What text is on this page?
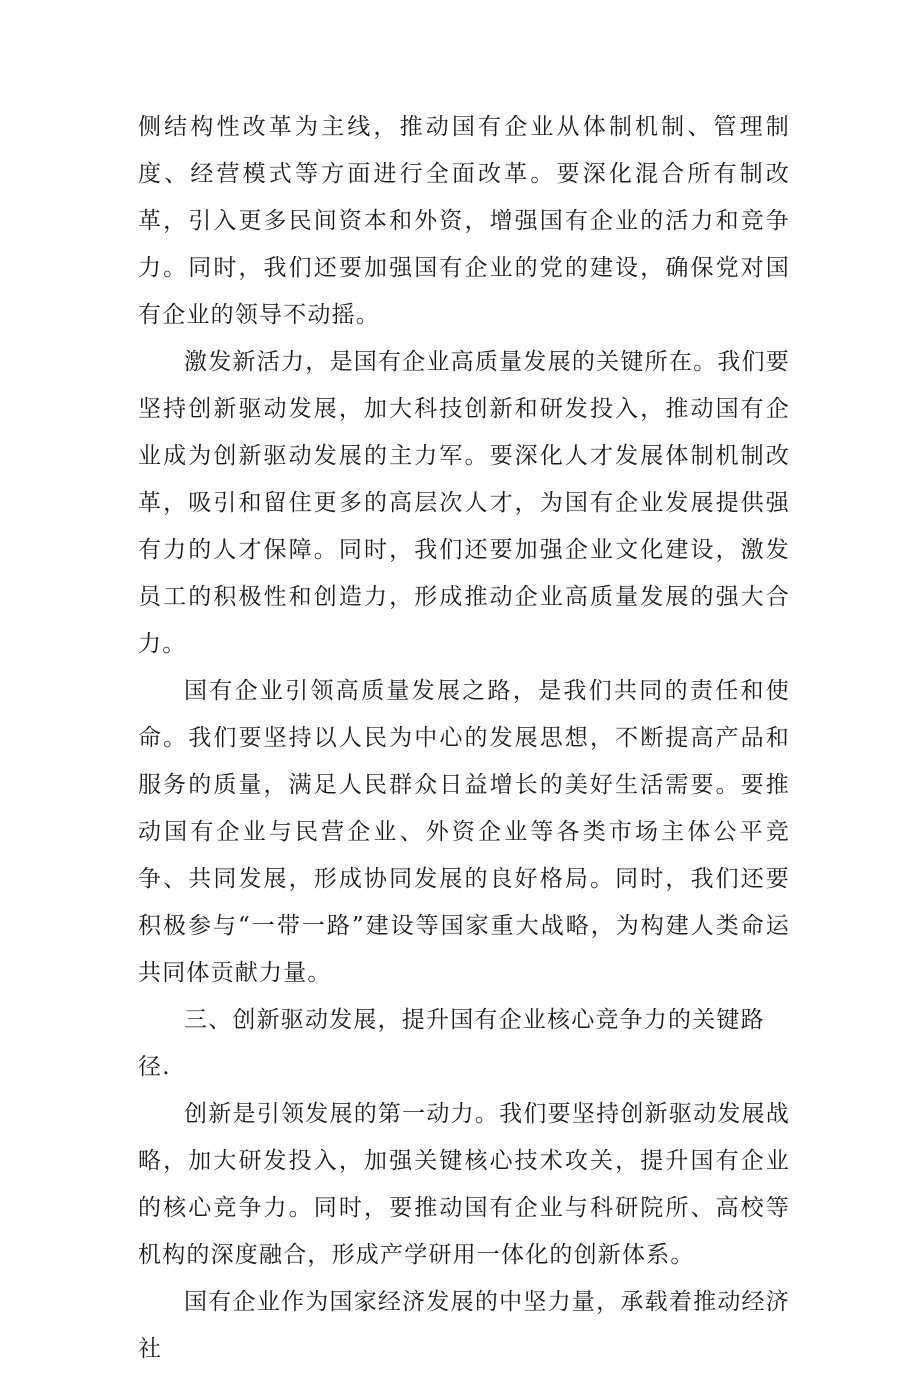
侧结构性改革为主线，推动国有企业从体制机制、管理制度、经营模式等方面进行全面改革。要深化混合所有制改革，引入更多民间资本和外资，增强国有企业的活力和竞争力。同时，我们还要加强国有企业的党的建设，确保党对国有企业的领导不动摇。

激发新活力，是国有企业高质量发展的关键所在。我们要坚持创新驱动发展，加大科技创新和研发投入，推动国有企业成为创新驱动发展的主力军。要深化人才发展体制机制改革，吸引和留住更多的高层次人才，为国有企业发展提供强有力的人才保障。同时，我们还要加强企业文化建设，激发员工的积极性和创造力，形成推动企业高质量发展的强大合力。

国有企业引领高质量发展之路，是我们共同的责任和使命。我们要坚持以人民为中心的发展思想，不断提高产品和服务的质量，满足人民群众日益增长的美好生活需要。要推动国有企业与民营企业、外资企业等各类市场主体公平竞争、共同发展，形成协同发展的良好格局。同时，我们还要积极参与“一带一路”建设等国家重大战略，为构建人类命运共同体贡献力量。

三、创新驱动发展，提升国有企业核心竞争力的关键路径.

创新是引领发展的第一动力。我们要坚持创新驱动发展战略，加大研发投入，加强关键核心技术攻关，提升国有企业的核心竞争力。同时，要推动国有企业与科研院所、高校等机构的深度融合，形成产学研用一体化的创新体系。

国有企业作为国家经济发展的中坚力量，承载着推动经济社
